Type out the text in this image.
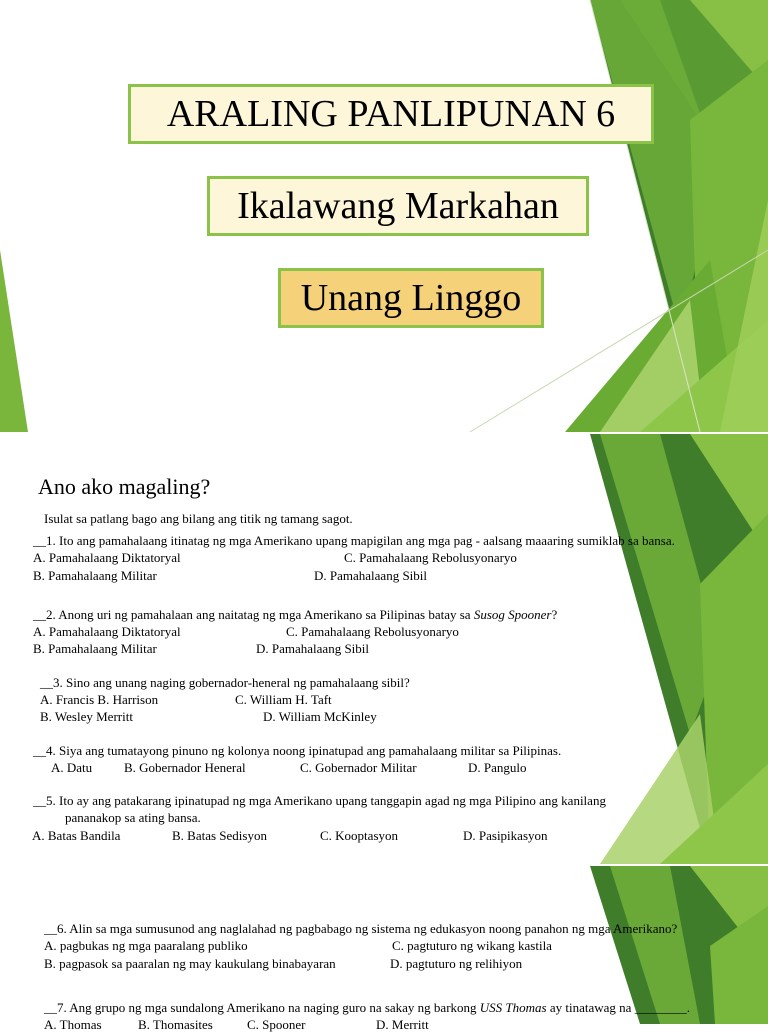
ARALING PANLIPUNAN 6
Ikalawang Markahan
Unang Linggo
Ano ako magaling?
Isulat sa patlang bago ang bilang ang titik ng tamang sagot.
__1. Ito ang pamahalaang itinatag ng mga Amerikano upang mapigilan ang mga pag - aalsang maaaring sumiklab sa bansa.
A. Pamahalaang Diktatoryal	C. Pamahalaang Rebolusyonaryo
B. Pamahalaang Militar	D. Pamahalaang Sibil
__2. Anong uri ng pamahalaan ang naitatag ng mga Amerikano sa Pilipinas batay sa Susog Spooner?
A. Pamahalaang Diktatoryal	C. Pamahalaang Rebolusyonaryo
B. Pamahalaang Militar	D. Pamahalaang Sibil
__3. Sino ang unang naging gobernador-heneral ng pamahalaang sibil?
A. Francis B. Harrison	C. William H. Taft
B. Wesley Merritt	D. William McKinley
__4. Siya ang tumatayong pinuno ng kolonya noong ipinatupad ang pamahalaang militar sa Pilipinas.
A. Datu B. Gobernador Heneral	C. Gobernador Militar	D. Pangulo
__5. Ito ay ang patakarang ipinatupad ng mga Amerikano upang tanggapin agad ng mga Pilipino ang kanilang
pananakop sa ating bansa.
A. Batas Bandila	B. Batas Sedisyon	C. Kooptasyon	D. Pasipikasyon
__6. Alin sa mga sumusunod ang naglalahad ng pagbabago ng sistema ng edukasyon noong panahon ng mga Amerikano?
A. pagbukas ng mga paaralang publiko	C. pagtuturo ng wikang kastila
B. pagpasok sa paaralan ng may kaukulang binabayaran	D. pagtuturo ng relihiyon
__7. Ang grupo ng mga sundalong Amerikano na naging guro na sakay ng barkong USS Thomas ay tinatawag na ________.
A. Thomas	B. Thomasites	C. Spooner	D. Merritt
